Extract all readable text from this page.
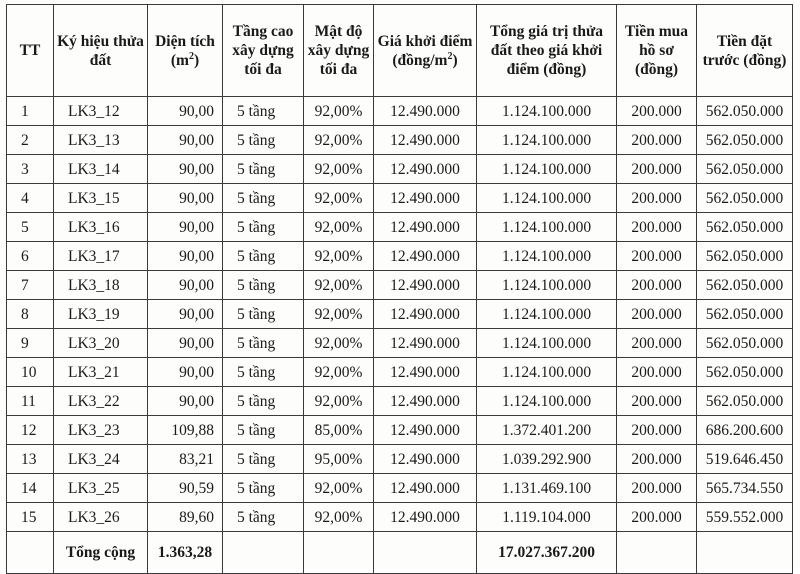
TT	Ký hiệu thửa đất	Diện tích $(m^2)$	Tầng cao xây dựng tối đa	Mật độ xây dựng tối đa	Giá khởi điểm $(đồng/m^2)$	Tổng giá trị thửa đất theo giá khởi điểm (đồng)	Tiền mua hồ sơ (đồng)	Tiền đặt trước (đồng)
1	LK3_12	90,00	5 tầng	92,00%	12.490.000	1.124.100.000	200.000	562.050.000
2	LK3_13	90,00	5 tầng	92,00%	12.490.000	1.124.100.000	200.000	562.050.000
3	LK3_14	90,00	5 tầng	92,00%	12.490.000	1.124.100.000	200.000	562.050.000
4	LK3_15	90,00	5 tầng	92,00%	12.490.000	1.124.100.000	200.000	562.050.000
5	LK3_16	90,00	5 tầng	92,00%	12.490.000	1.124.100.000	200.000	562.050.000
6	LK3_17	90,00	5 tầng	92,00%	12.490.000	1.124.100.000	200.000	562.050.000
7	LK3_18	90,00	5 tầng	92,00%	12.490.000	1.124.100.000	200.000	562.050.000
8	LK3_19	90,00	5 tầng	92,00%	12.490.000	1.124.100.000	200.000	562.050.000
9	LK3_20	90,00	5 tầng	92,00%	12.490.000	1.124.100.000	200.000	562.050.000
10	LK3_21	90,00	5 tầng	92,00%	12.490.000	1.124.100.000	200.000	562.050.000
11	LK3_22	90,00	5 tầng	92,00%	12.490.000	1.124.100.000	200.000	562.050.000
12	LK3_23	109,88	5 tầng	85,00%	12.490.000	1.372.401.200	200.000	686.200.600
13	LK3_24	83,21	5 tầng	95,00%	12.490.000	1.039.292.900	200.000	519.646.450
14	LK3_25	90,59	5 tầng	92,00%	12.490.000	1.131.469.100	200.000	565.734.550
15	LK3_26	89,60	5 tầng	92,00%	12.490.000	1.119.104.000	200.000	559.552.000
	Tổng cộng	1.363,28				17.027.367.200		
